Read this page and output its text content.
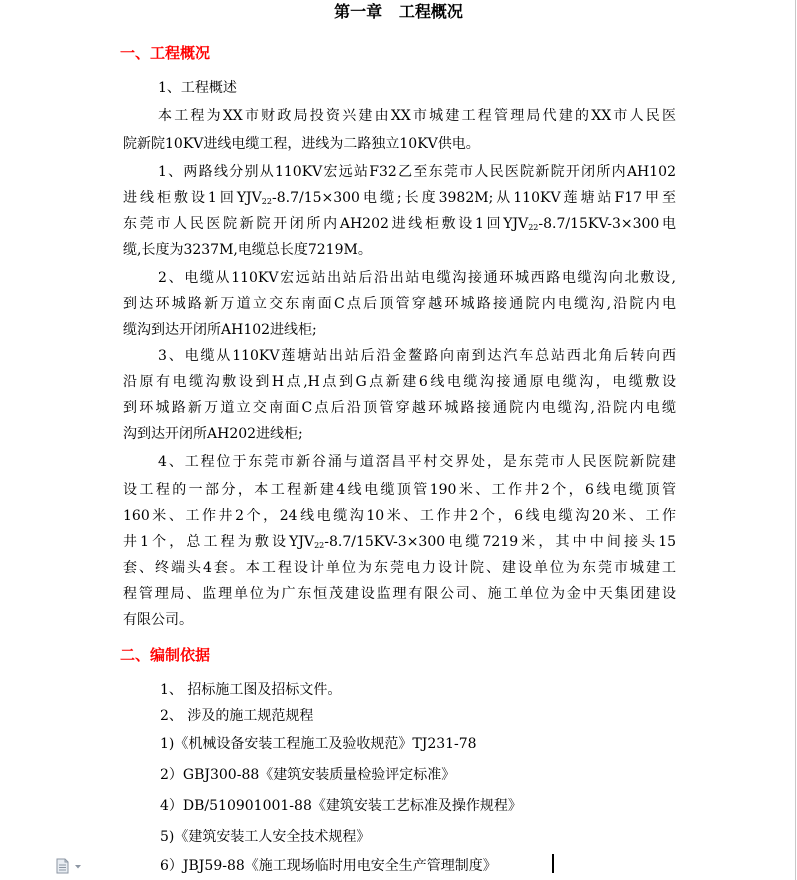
第一章   工程概况
一、工程概况

1、工程概述

本工程为XX市财政局投资兴建由XX市城建工程管理局代建的XX市人民医

院新院10KV进线电缆工程，进线为二路独立10KV供电。

1、两路线分别从110KV宏远站F32乙至东莞市人民医院新院开闭所内AH102

进线柜敷设1回$YJV_{22}-8.7/15\times 300$电缆;长度3982M;从110KV莲塘站F17甲至

东莞市人民医院新院开闭所内AH202进线柜敷设1回$YJV_{22}-8.7/15KV-3\times 300$电

缆,长度为3237M,电缆总长度7219M。

2、电缆从110KV宏远站出站后沿出站电缆沟接通环城西路电缆沟向北敷设,

到达环城路新万道立交东南面C点后顶管穿越环城路接通院内电缆沟,沿院内电

缆沟到达开闭所AH102进线柜;

3、电缆从110KV莲塘站出站后沿金鳌路向南到达汽车总站西北角后转向西

沿原有电缆沟敷设到H点,H点到G点新建6线电缆沟接通原电缆沟，电缆敷设

到环城路新万道立交南面C点后沿顶管穿越环城路接通院内电缆沟,沿院内电缆

沟到达开闭所AH202进线柜;

4、工程位于东莞市新谷涌与道滘昌平村交界处，是东莞市人民医院新院建

设工程的一部分，本工程新建4线电缆顶管190米、工作井2个，6线电缆顶管

160米、工作井2个，24线电缆沟10米、工作井2个，6线电缆沟20米、工作

井1个，总工程为敷设$YJV_{22}-8.7/15KV-3\times 300$电缆7219米，其中中间接头15

套、终端头4套。本工程设计单位为东莞电力设计院、建设单位为东莞市城建工

程管理局、监理单位为广东恒茂建设监理有限公司、施工单位为金中天集团建设

有限公司。

二、编制依据

1、 招标施工图及招标文件。

2、 涉及的施工规范规程

1)《机械设备安装工程施工及验收规范》TJ231-78

2）GBJ300-88《建筑安装质量检验评定标准》

4）DB/510901001-88《建筑安装工艺标准及操作规程》

5)《建筑安装工人安全技术规程》

6）JBJ59-88《施工现场临时用电安全生产管理制度》
